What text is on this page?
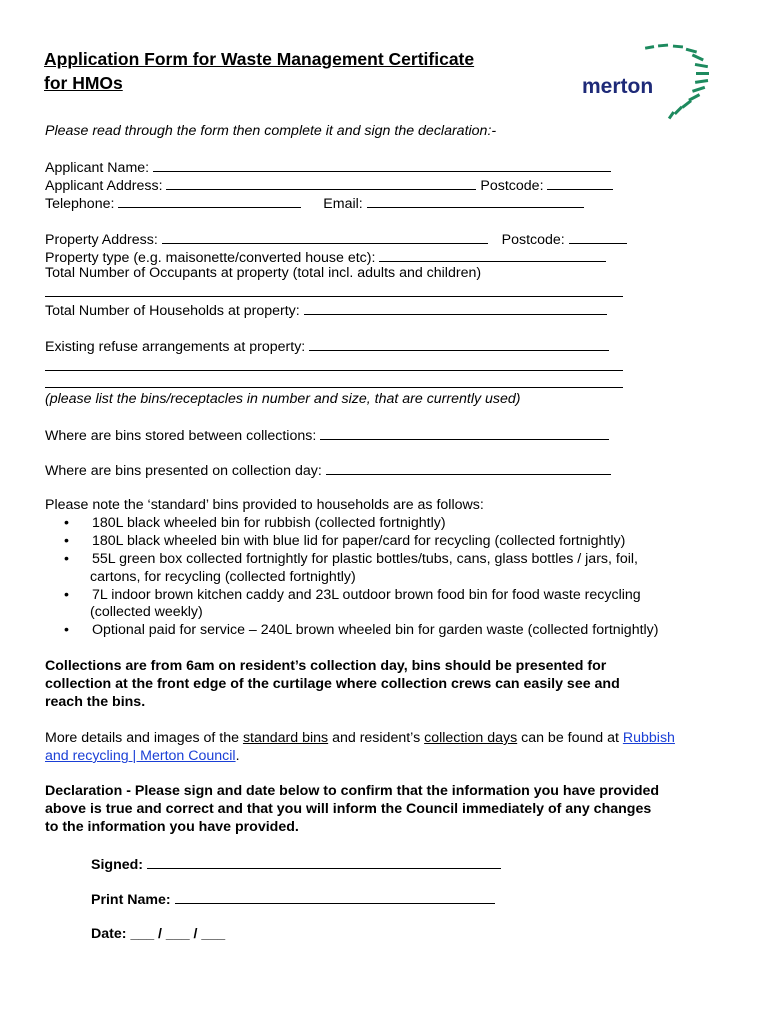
Application Form for Waste Management Certificate
for HMOs	merton
Please read through the form then complete it and sign the declaration:-
Applicant Name:
Applicant Address:	Postcode:
Telephone:	Email:
Property Address:	Postcode:
Property type (e.g. maisonette/converted house etc):
Total Number of Occupants at property (total incl. adults and children)
Total Number of Households at property:
Existing refuse arrangements at property:
(please list the bins/receptacles in number and size, that are currently used)
Where are bins stored between collections:
Where are bins presented on collection day:
Please note the ‘standard’ bins provided to households are as follows:
• 180L black wheeled bin for rubbish (collected fortnightly)
• 180L black wheeled bin with blue lid for paper/card for recycling (collected fortnightly)
• 55L green box collected fortnightly for plastic bottles/tubs, cans, glass bottles / jars, foil,
cartons, for recycling (collected fortnightly)
• 7L indoor brown kitchen caddy and 23L outdoor brown food bin for food waste recycling
(collected weekly)
• Optional paid for service – 240L brown wheeled bin for garden waste (collected fortnightly)
Collections are from 6am on resident’s collection day, bins should be presented for
collection at the front edge of the curtilage where collection crews can easily see and
reach the bins.
More details and images of the standard bins and resident’s collection days can be found at Rubbish
and recycling | Merton Council.
Declaration - Please sign and date below to confirm that the information you have provided
above is true and correct and that you will inform the Council immediately of any changes
to the information you have provided.
Signed:
Print Name:
Date: ___ / ___ / ___
